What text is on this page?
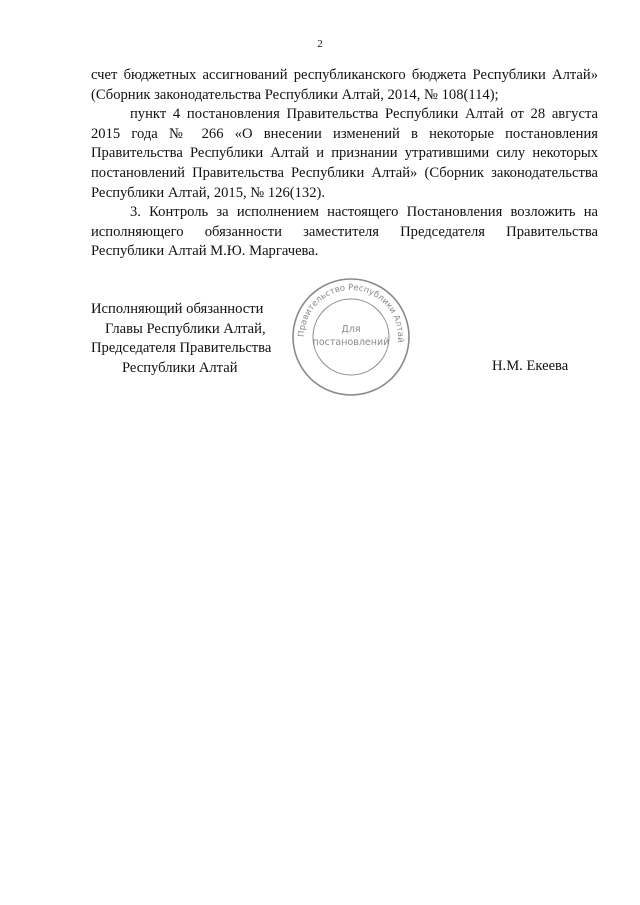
2

счет бюджетных ассигнований республиканского бюджета Республики Алтай» (Сборник законодательства Республики Алтай, 2014, № 108(114);

пункт 4 постановления Правительства Республики Алтай от 28 августа 2015 года № 266 «О внесении изменений в некоторые постановления Правительства Республики Алтай и признании утратившими силу некоторых постановлений Правительства Республики Алтай» (Сборник законодательства Республики Алтай, 2015, № 126(132).

3. Контроль за исполнением настоящего Постановления возложить на исполняющего обязанности заместителя Председателя Правительства Республики Алтай М.Ю. Маргачева.

Исполняющий обязанности
Главы Республики Алтай,
Председателя Правительства
Республики Алтай	Н.М. Екеева
Правительство Республики Алтай
Для
постановлений
